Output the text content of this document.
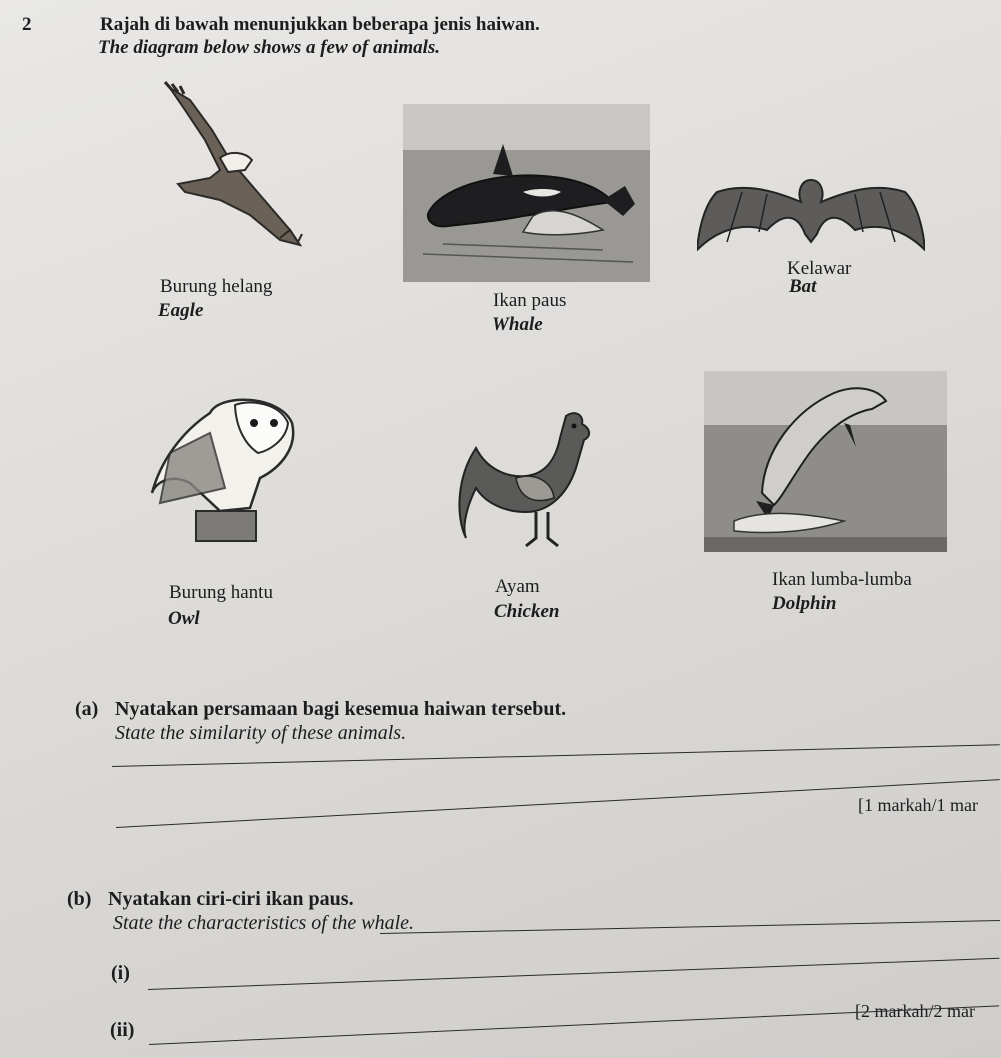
2	Rajah di bawah menunjukkan beberapa jenis haiwan.
The diagram below shows a few of animals.
Burung helang
Eagle	Ikan paus
Whale
Kelawar
Bat
Burung hantu
Owl
Ayam
Chicken
Ikan lumba-lumba
Dolphin
(a) Nyatakan persamaan bagi kesemua haiwan tersebut.
State the similarity of these animals.
[1 markah/1 mar
(b) Nyatakan ciri-ciri ikan paus.
State the characteristics of the whale.
(i)
[2 markah/2 mar
(ii)
